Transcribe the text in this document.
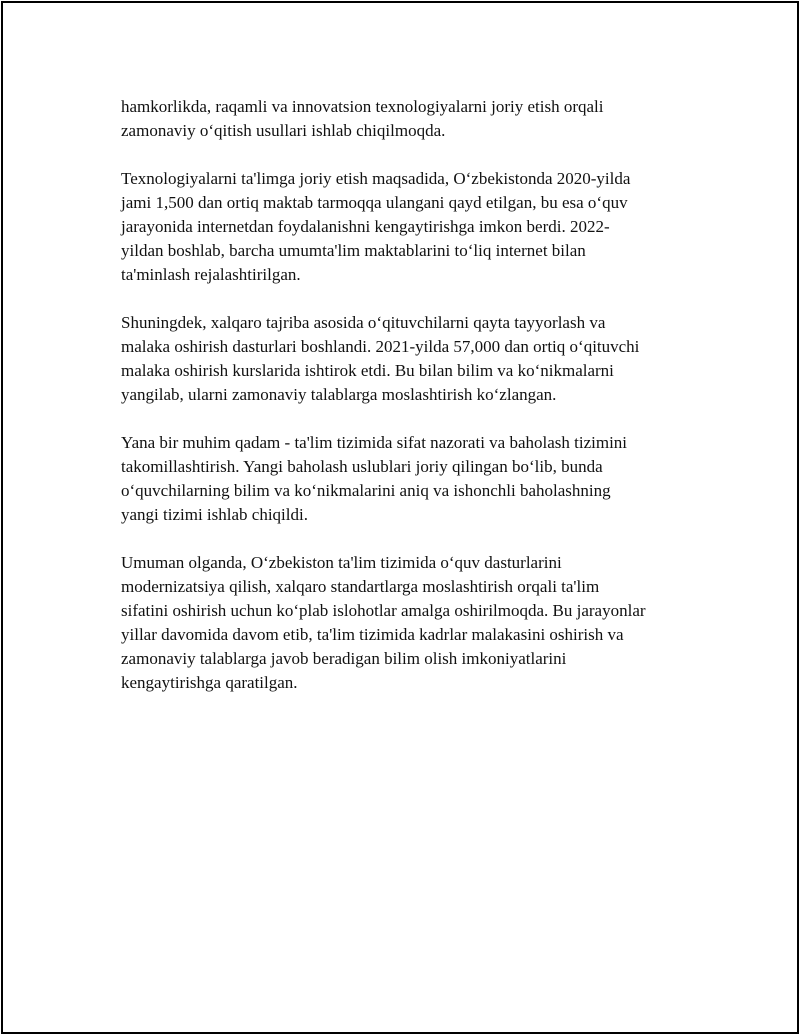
hamkorlikda, raqamli va innovatsion texnologiyalarni joriy etish orqali
zamonaviy o‘qitish usullari ishlab chiqilmoqda.

Texnologiyalarni ta'limga joriy etish maqsadida, O‘zbekistonda 2020-yilda
jami 1,500 dan ortiq maktab tarmoqqa ulangani qayd etilgan, bu esa o‘quv
jarayonida internetdan foydalanishni kengaytirishga imkon berdi. 2022-
yildan boshlab, barcha umumta'lim maktablarini to‘liq internet bilan
ta'minlash rejalashtirilgan.

Shuningdek, xalqaro tajriba asosida o‘qituvchilarni qayta tayyorlash va
malaka oshirish dasturlari boshlandi. 2021-yilda 57,000 dan ortiq o‘qituvchi
malaka oshirish kurslarida ishtirok etdi. Bu bilan bilim va ko‘nikmalarni
yangilab, ularni zamonaviy talablarga moslashtirish ko‘zlangan.

Yana bir muhim qadam - ta'lim tizimida sifat nazorati va baholash tizimini
takomillashtirish. Yangi baholash uslublari joriy qilingan bo‘lib, bunda
o‘quvchilarning bilim va ko‘nikmalarini aniq va ishonchli baholashning
yangi tizimi ishlab chiqildi.

Umuman olganda, O‘zbekiston ta'lim tizimida o‘quv dasturlarini
modernizatsiya qilish, xalqaro standartlarga moslashtirish orqali ta'lim
sifatini oshirish uchun ko‘plab islohotlar amalga oshirilmoqda. Bu jarayonlar
yillar davomida davom etib, ta'lim tizimida kadrlar malakasini oshirish va
zamonaviy talablarga javob beradigan bilim olish imkoniyatlarini
kengaytirishga qaratilgan.
